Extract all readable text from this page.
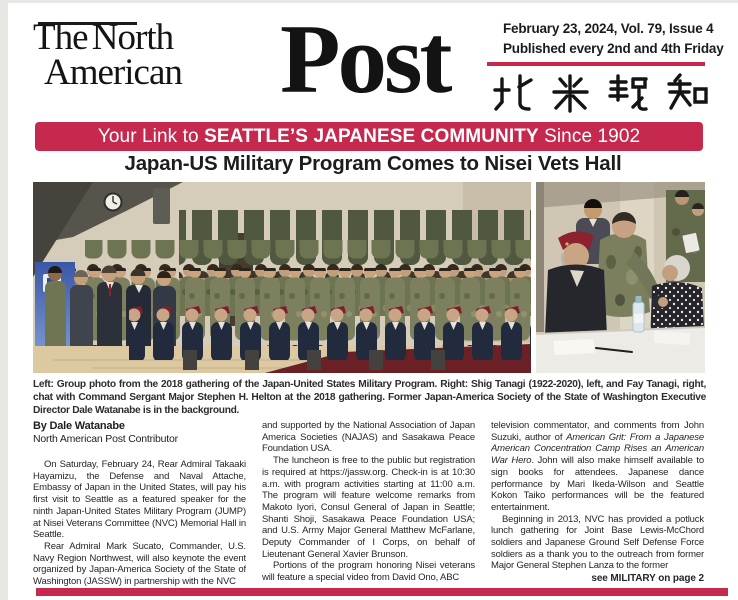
The North
American Post	February 23, 2024, Vol. 79, Issue 4
Published every 2nd and 4th Friday
Your Link to SEATTLE’S JAPANESE COMMUNITY Since 1902
Japan-US Military Program Comes to Nisei Vets Hall

Left: Group photo from the 2018 gathering of the Japan-United States Military Program. Right: Shig Tanagi (1922-2020), left, and Fay Tanagi, right, chat with Command Sergant Major Stephen H. Helton at the 2018 gathering. Former Japan-America Society of the State of Washington Executive Director Dale Watanabe is in the background.

By Dale Watanabe
North American Post Contributor

On Saturday, February 24, Rear Admiral Takaaki Hayamizu, the Defense and Naval Attache, Embassy of Japan in the United States, will pay his first visit to Seattle as a featured speaker for the ninth Japan-United States Military Program (JUMP) at Nisei Veterans Committee (NVC) Memorial Hall in Seattle.

Rear Admiral Mark Sucato, Commander, U.S. Navy Region Northwest, will also keynote the event organized by Japan-America Society of the State of Washington (JASSW) in partnership with the NVC

and supported by the National Association of Japan America Societies (NAJAS) and Sasakawa Peace Foundation USA.

The luncheon is free to the public but registration is required at https://jassw.org. Check-in is at 10:30 a.m. with program activities starting at 11:00 a.m. The program will feature welcome remarks from Makoto Iyori, Consul General of Japan in Seattle; Shanti Shoji, Sasakawa Peace Foundation USA; and U.S. Army Major General Matthew McFarlane, Deputy Commander of I Corps, on behalf of Lieutenant General Xavier Brunson.

Portions of the program honoring Nisei veterans will feature a special video from David Ono, ABC

television commentator, and comments from John Suzuki, author of American Grit: From a Japanese American Concentration Camp Rises an American War Hero. John will also make himself available to sign books for attendees. Japanese dance performance by Mari Ikeda-Wilson and Seattle Kokon Taiko performances will be the featured entertainment.

Beginning in 2013, NVC has provided a potluck lunch gathering for Joint Base Lewis-McChord soldiers and Japanese Ground Self Defense Force soldiers as a thank you to the outreach from former Major General Stephen Lanza to the former

see MILITARY on page 2
